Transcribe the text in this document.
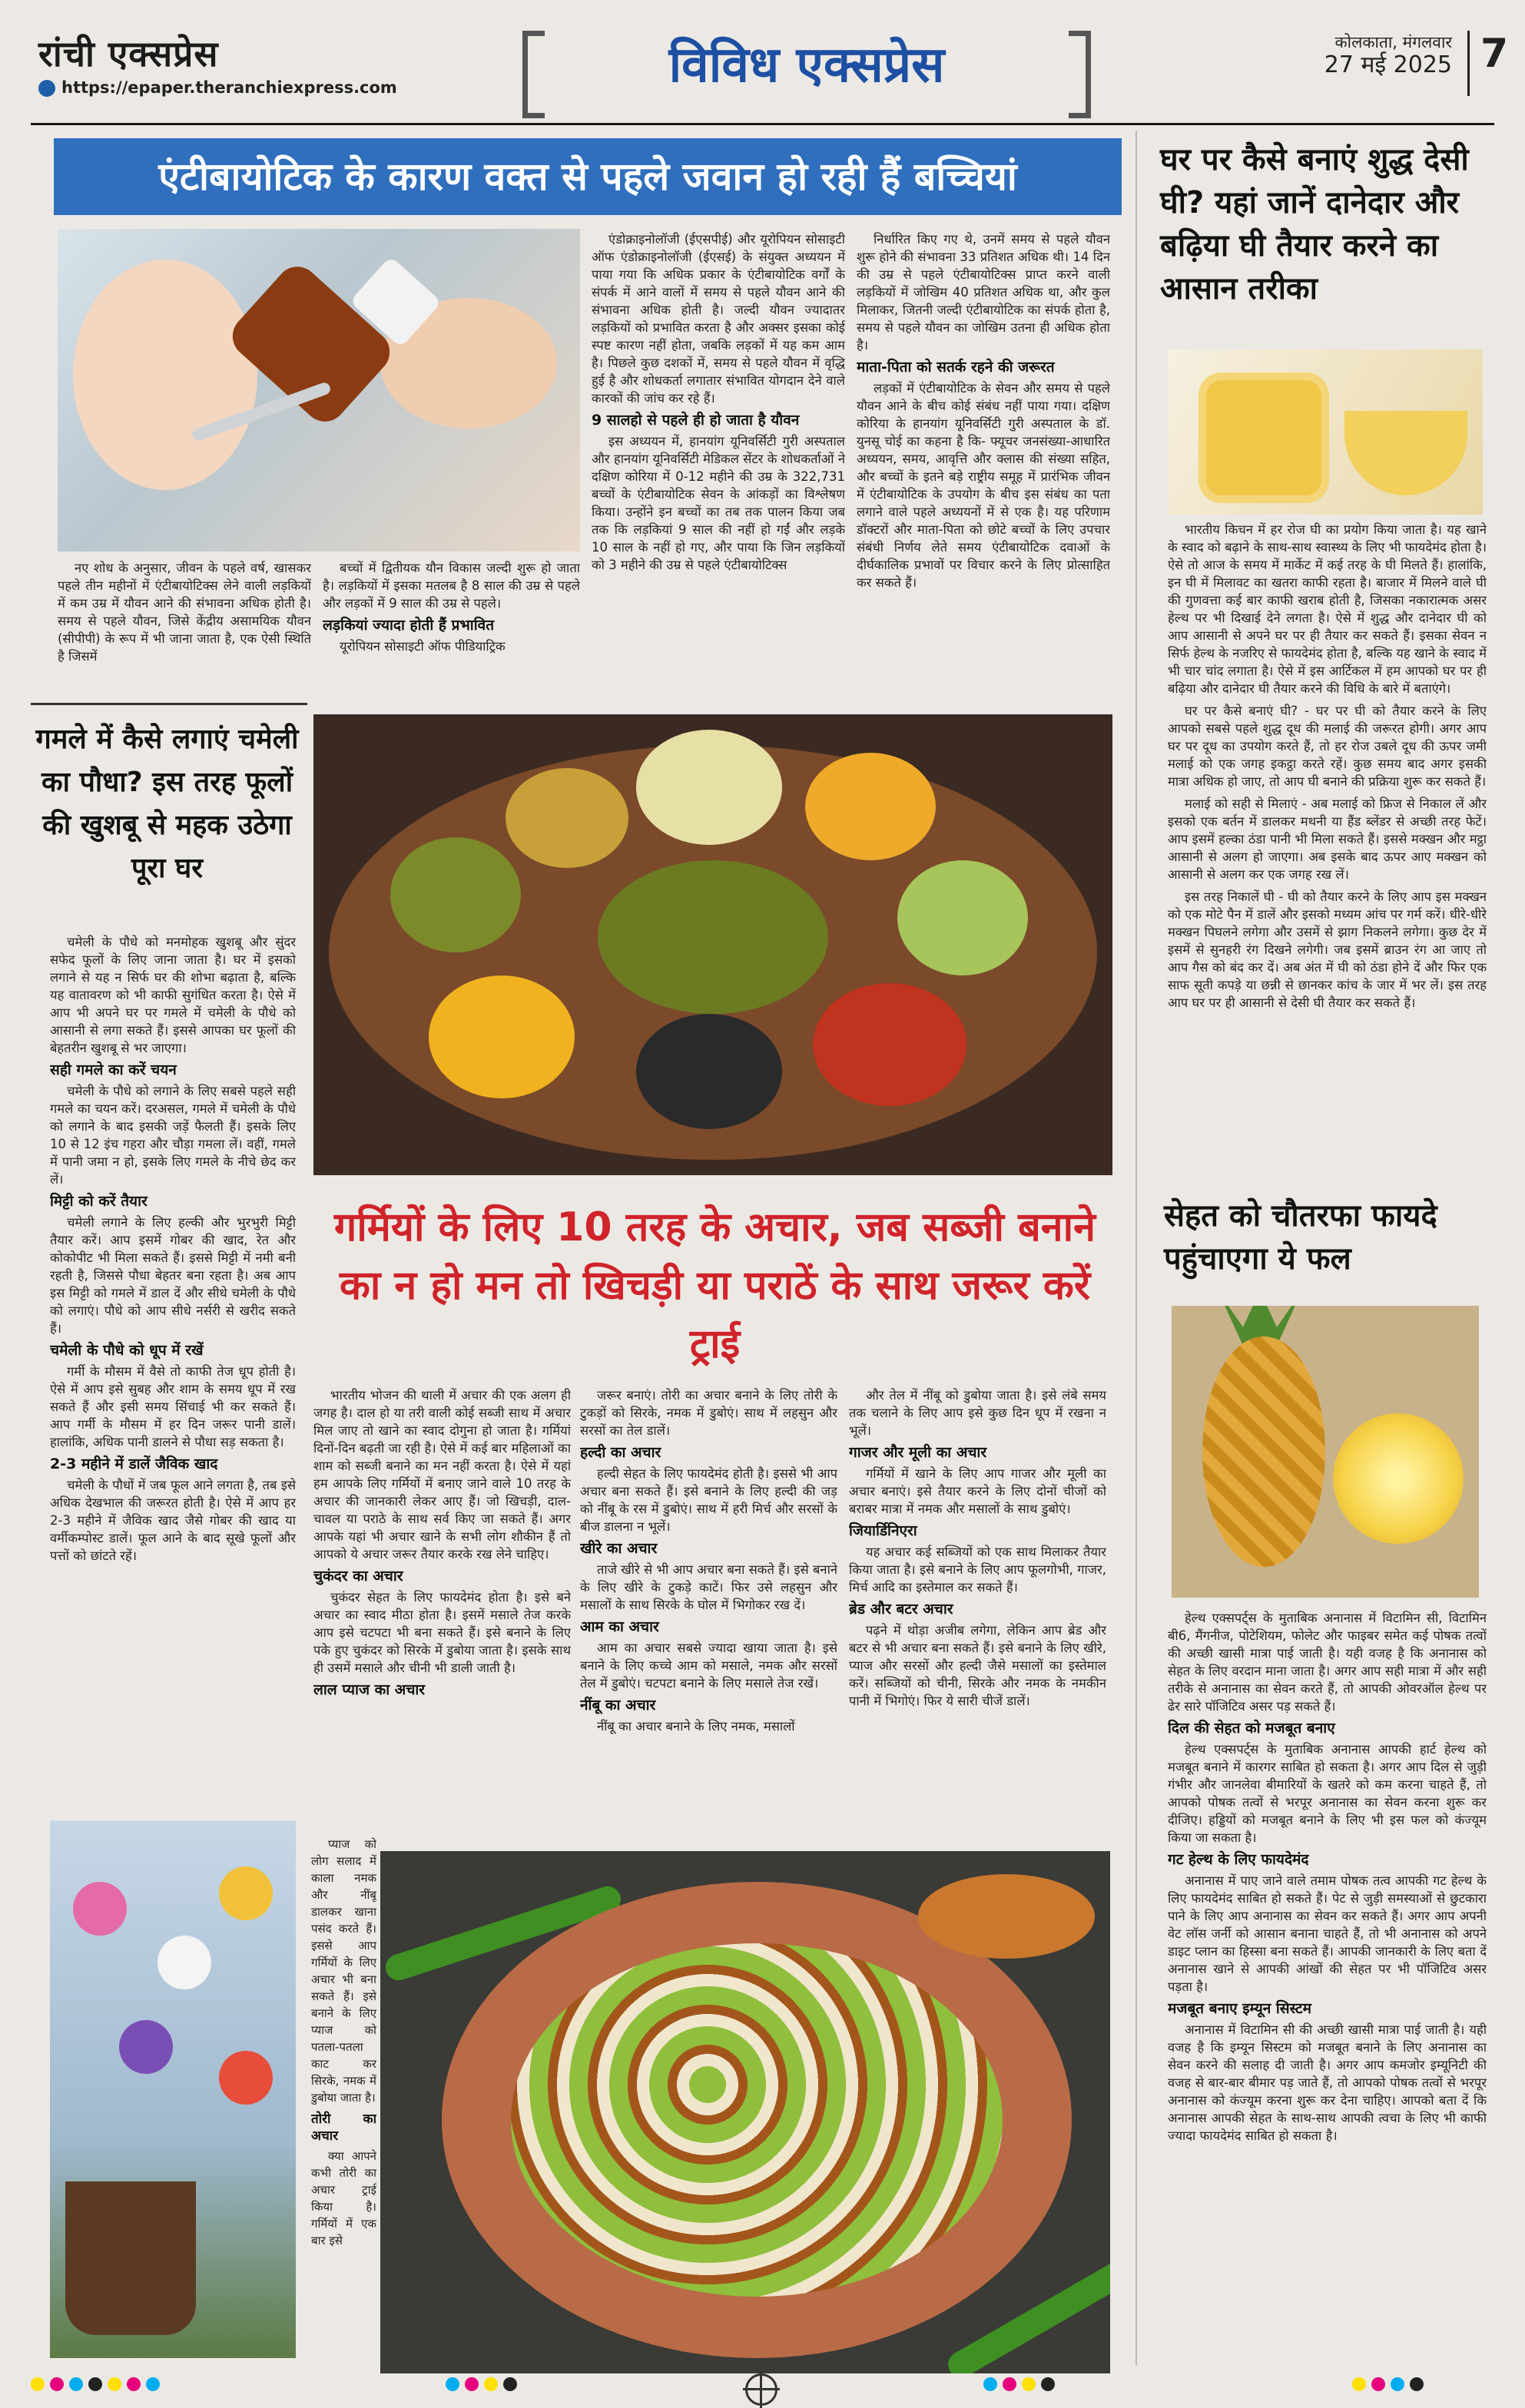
रांची एक्सप्रेस
https://epaper.theranchiexpress.com	विविध एक्सप्रेस	कोलकाता, मंगलवार
27 मई 2025 7
एंटीबायोटिक के कारण वक्त से पहले जवान हो रही हैं बच्चियां

नए शोध के अनुसार, जीवन के पहले वर्ष, खासकर पहले तीन महीनों में एंटीबायोटिक्स लेने वाली लड़कियों में कम उम्र में यौवन आने की संभावना अधिक होती है। समय से पहले यौवन, जिसे केंद्रीय असामयिक यौवन (सीपीपी) के रूप में भी जाना जाता है, एक ऐसी स्थिति है जिसमें

बच्चों में द्वितीयक यौन विकास जल्दी शुरू हो जाता है। लड़कियों में इसका मतलब है 8 साल की उम्र से पहले और लड़कों में 9 साल की उम्र से पहले।

लड़कियां ज्यादा होती हैं प्रभावित

यूरोपियन सोसाइटी ऑफ पीडियाट्रिक

एंडोक्राइनोलॉजी (ईएसपीई) और यूरोपियन सोसाइटी ऑफ एंडोक्राइनोलॉजी (ईएसई) के संयुक्त अध्ययन में पाया गया कि अधिक प्रकार के एंटीबायोटिक वर्गों के संपर्क में आने वालों में समय से पहले यौवन आने की संभावना अधिक होती है। जल्दी यौवन ज्यादातर लड़कियों को प्रभावित करता है और अक्सर इसका कोई स्पष्ट कारण नहीं होता, जबकि लड़कों में यह कम आम है। पिछले कुछ दशकों में, समय से पहले यौवन में वृद्धि हुई है और शोधकर्ता लगातार संभावित योगदान देने वाले कारकों की जांच कर रहे हैं।

9 सालहो से पहले ही हो जाता है यौवन

इस अध्ययन में, हानयांग यूनिवर्सिटी गुरी अस्पताल और हानयांग यूनिवर्सिटी मेडिकल सेंटर के शोधकर्ताओं ने दक्षिण कोरिया में 0-12 महीने की उम्र के 322,731 बच्चों के एंटीबायोटिक सेवन के आंकड़ों का विश्लेषण किया। उन्होंने इन बच्चों का तब तक पालन किया जब तक कि लड़कियां 9 साल की नहीं हो गईं और लड़के 10 साल के नहीं हो गए, और पाया कि जिन लड़कियों को 3 महीने की उम्र से पहले एंटीबायोटिक्स

निर्धारित किए गए थे, उनमें समय से पहले यौवन शुरू होने की संभावना 33 प्रतिशत अधिक थी। 14 दिन की उम्र से पहले एंटीबायोटिक्स प्राप्त करने वाली लड़कियों में जोखिम 40 प्रतिशत अधिक था, और कुल मिलाकर, जितनी जल्दी एंटीबायोटिक का संपर्क होता है, समय से पहले यौवन का जोखिम उतना ही अधिक होता है।

माता-पिता को सतर्क रहने की जरूरत

लड़कों में एंटीबायोटिक के सेवन और समय से पहले यौवन आने के बीच कोई संबंध नहीं पाया गया। दक्षिण कोरिया के हानयांग यूनिवर्सिटी गुरी अस्पताल के डॉ. युनसू चोई का कहना है कि- फ्यूचर जनसंख्या-आधारित अध्ययन, समय, आवृत्ति और क्लास की संख्या सहित, और बच्चों के इतने बड़े राष्ट्रीय समूह में प्रारंभिक जीवन में एंटीबायोटिक के उपयोग के बीच इस संबंध का पता लगाने वाले पहले अध्ययनों में से एक है। यह परिणाम डॉक्टरों और माता-पिता को छोटे बच्चों के लिए उपचार संबंधी निर्णय लेते समय एंटीबायोटिक दवाओं के दीर्घकालिक प्रभावों पर विचार करने के लिए प्रोत्साहित कर सकते हैं।

घर पर कैसे बनाएं शुद्ध देसी घी? यहां जानें दानेदार और बढ़िया घी तैयार करने का आसान तरीका

भारतीय किचन में हर रोज घी का प्रयोग किया जाता है। यह खाने के स्वाद को बढ़ाने के साथ-साथ स्वास्थ्य के लिए भी फायदेमंद होता है। ऐसे तो आज के समय में मार्केट में कई तरह के घी मिलते हैं। हालांकि, इन घी में मिलावट का खतरा काफी रहता है। बाजार में मिलने वाले घी की गुणवत्ता कई बार काफी खराब होती है, जिसका नकारात्मक असर हेल्थ पर भी दिखाई देने लगता है। ऐसे में शुद्ध और दानेदार घी को आप आसानी से अपने घर पर ही तैयार कर सकते हैं। इसका सेवन न सिर्फ हेल्थ के नजरिए से फायदेमंद होता है, बल्कि यह खाने के स्वाद में भी चार चांद लगाता है। ऐसे में इस आर्टिकल में हम आपको घर पर ही बढ़िया और दानेदार घी तैयार करने की विधि के बारे में बताएंगे।

घर पर कैसे बनाएं घी? - घर पर घी को तैयार करने के लिए आपको सबसे पहले शुद्ध दूध की मलाई की जरूरत होगी। अगर आप घर पर दूध का उपयोग करते हैं, तो हर रोज उबले दूध की ऊपर जमी मलाई को एक जगह इकट्ठा करते रहें। कुछ समय बाद अगर इसकी मात्रा अधिक हो जाए, तो आप घी बनाने की प्रक्रिया शुरू कर सकते हैं।

मलाई को सही से मिलाएं - अब मलाई को फ्रिज से निकाल लें और इसको एक बर्तन में डालकर मथनी या हैंड ब्लेंडर से अच्छी तरह फेटें। आप इसमें हल्का ठंडा पानी भी मिला सकते हैं। इससे मक्खन और मट्ठा आसानी से अलग हो जाएगा। अब इसके बाद ऊपर आए मक्खन को आसानी से अलग कर एक जगह रख लें।

इस तरह निकालें घी - घी को तैयार करने के लिए आप इस मक्खन को एक मोटे पैन में डालें और इसको मध्यम आंच पर गर्म करें। धीरे-धीरे मक्खन पिघलने लगेगा और उसमें से झाग निकलने लगेगा। कुछ देर में इसमें से सुनहरी रंग दिखने लगेगी। जब इसमें ब्राउन रंग आ जाए तो आप गैस को बंद कर दें। अब अंत में घी को ठंडा होने दें और फिर एक साफ सूती कपड़े या छन्नी से छानकर कांच के जार में भर लें। इस तरह आप घर पर ही आसानी से देसी घी तैयार कर सकते हैं।

सेहत को चौतरफा फायदे पहुंचाएगा ये फल

हेल्थ एक्सपर्ट्स के मुताबिक अनानास में विटामिन सी, विटामिन बी6, मैंगनीज, पोटेशियम, फोलेट और फाइबर समेत कई पोषक तत्वों की अच्छी खासी मात्रा पाई जाती है। यही वजह है कि अनानास को सेहत के लिए वरदान माना जाता है। अगर आप सही मात्रा में और सही तरीके से अनानास का सेवन करते हैं, तो आपकी ओवरऑल हेल्थ पर ढेर सारे पॉजिटिव असर पड़ सकते हैं।

दिल की सेहत को मजबूत बनाए

हेल्थ एक्सपर्ट्स के मुताबिक अनानास आपकी हार्ट हेल्थ को मजबूत बनाने में कारगर साबित हो सकता है। अगर आप दिल से जुड़ी गंभीर और जानलेवा बीमारियों के खतरे को कम करना चाहते हैं, तो आपको पोषक तत्वों से भरपूर अनानास का सेवन करना शुरू कर दीजिए। हड्डियों को मजबूत बनाने के लिए भी इस फल को कंज्यूम किया जा सकता है।

गट हेल्थ के लिए फायदेमंद

अनानास में पाए जाने वाले तमाम पोषक तत्व आपकी गट हेल्थ के लिए फायदेमंद साबित हो सकते हैं। पेट से जुड़ी समस्याओं से छुटकारा पाने के लिए आप अनानास का सेवन कर सकते हैं। अगर आप अपनी वेट लॉस जर्नी को आसान बनाना चाहते हैं, तो भी अनानास को अपने डाइट प्लान का हिस्सा बना सकते हैं। आपकी जानकारी के लिए बता दें अनानास खाने से आपकी आंखों की सेहत पर भी पॉजिटिव असर पड़ता है।

मजबूत बनाए इम्यून सिस्टम

अनानास में विटामिन सी की अच्छी खासी मात्रा पाई जाती है। यही वजह है कि इम्यून सिस्टम को मजबूत बनाने के लिए अनानास का सेवन करने की सलाह दी जाती है। अगर आप कमजोर इम्यूनिटी की वजह से बार-बार बीमार पड़ जाते हैं, तो आपको पोषक तत्वों से भरपूर अनानास को कंज्यूम करना शुरू कर देना चाहिए। आपको बता दें कि अनानास आपकी सेहत के साथ-साथ आपकी त्वचा के लिए भी काफी ज्यादा फायदेमंद साबित हो सकता है।

गमले में कैसे लगाएं चमेली का पौधा? इस तरह फूलों की खुशबू से महक उठेगा पूरा घर

चमेली के पौधे को मनमोहक खुशबू और सुंदर सफेद फूलों के लिए जाना जाता है। घर में इसको लगाने से यह न सिर्फ घर की शोभा बढ़ाता है, बल्कि यह वातावरण को भी काफी सुगंधित करता है। ऐसे में आप भी अपने घर पर गमले में चमेली के पौधे को आसानी से लगा सकते हैं। इससे आपका घर फूलों की बेहतरीन खुशबू से भर जाएगा।

सही गमले का करें चयन

चमेली के पौधे को लगाने के लिए सबसे पहले सही गमले का चयन करें। दरअसल, गमले में चमेली के पौधे को लगाने के बाद इसकी जड़ें फैलती हैं। इसके लिए 10 से 12 इंच गहरा और चौड़ा गमला लें। वहीं, गमले में पानी जमा न हो, इसके लिए गमले के नीचे छेद कर लें।

मिट्टी को करें तैयार

चमेली लगाने के लिए हल्की और भुरभुरी मिट्टी तैयार करें। आप इसमें गोबर की खाद, रेत और कोकोपीट भी मिला सकते हैं। इससे मिट्टी में नमी बनी रहती है, जिससे पौधा बेहतर बना रहता है। अब आप इस मिट्टी को गमले में डाल दें और सीधे चमेली के पौधे को लगाएं। पौधे को आप सीधे नर्सरी से खरीद सकते हैं।

चमेली के पौधे को धूप में रखें

गर्मी के मौसम में वैसे तो काफी तेज धूप होती है। ऐसे में आप इसे सुबह और शाम के समय धूप में रख सकते हैं और इसी समय सिंचाई भी कर सकते हैं। आप गर्मी के मौसम में हर दिन जरूर पानी डालें। हालांकि, अधिक पानी डालने से पौधा सड़ सकता है।

2-3 महीने में डालें जैविक खाद

चमेली के पौधों में जब फूल आने लगता है, तब इसे अधिक देखभाल की जरूरत होती है। ऐसे में आप हर 2-3 महीने में जैविक खाद जैसे गोबर की खाद या वर्मीकम्पोस्ट डालें। फूल आने के बाद सूखे फूलों और पत्तों को छांटते रहें।

गर्मियों के लिए 10 तरह के अचार, जब सब्जी बनाने का न हो मन तो खिचड़ी या पराठें के साथ जरूर करें ट्राई

भारतीय भोजन की थाली में अचार की एक अलग ही जगह है। दाल हो या तरी वाली कोई सब्जी साथ में अचार मिल जाए तो खाने का स्वाद दोगुना हो जाता है। गर्मियां दिनों-दिन बढ़ती जा रही है। ऐसे में कई बार महिलाओं का शाम को सब्जी बनाने का मन नहीं करता है। ऐसे में यहां हम आपके लिए गर्मियों में बनाए जाने वाले 10 तरह के अचार की जानकारी लेकर आए हैं। जो खिचड़ी, दाल-चावल या पराठे के साथ सर्व किए जा सकते हैं। अगर आपके यहां भी अचार खाने के सभी लोग शौकीन हैं तो आपको ये अचार जरूर तैयार करके रख लेने चाहिए।

चुकंदर का अचार

चुकंदर सेहत के लिए फायदेमंद होता है। इसे बने अचार का स्वाद मीठा होता है। इसमें मसाले तेज करके आप इसे चटपटा भी बना सकते हैं। इसे बनाने के लिए पके हुए चुकंदर को सिरके में डुबोया जाता है। इसके साथ ही उसमें मसाले और चीनी भी डाली जाती है।

लाल प्याज का अचार

प्याज को लोग सलाद में काला नमक और नींबू डालकर खाना पसंद करते हैं। इससे आप गर्मियों के लिए अचार भी बना सकते हैं। इसे बनाने के लिए प्याज को पतला-पतला काट कर सिरके, नमक में डुबोया जाता है।

तोरी का अचार

क्या आपने कभी तोरी का अचार ट्राई किया है। गर्मियों में एक बार इसे

जरूर बनाएं। तोरी का अचार बनाने के लिए तोरी के टुकड़ों को सिरके, नमक में डुबोएं। साथ में लहसुन और सरसों का तेल डालें।

हल्दी का अचार

हल्दी सेहत के लिए फायदेमंद होती है। इससे भी आप अचार बना सकते हैं। इसे बनाने के लिए हल्दी की जड़ को नींबू के रस में डुबोएं। साथ में हरी मिर्च और सरसों के बीज डालना न भूलें।

खीरे का अचार

ताजे खीरे से भी आप अचार बना सकते हैं। इसे बनाने के लिए खीरे के टुकड़े काटें। फिर उसे लहसुन और मसालों के साथ सिरके के घोल में भिगोकर रख दें।

आम का अचार

आम का अचार सबसे ज्यादा खाया जाता है। इसे बनाने के लिए कच्चे आम को मसाले, नमक और सरसों तेल में डुबोएं। चटपटा बनाने के लिए मसाले तेज रखें।

नींबू का अचार

नींबू का अचार बनाने के लिए नमक, मसालों

और तेल में नींबू को डुबोया जाता है। इसे लंबे समय तक चलाने के लिए आप इसे कुछ दिन धूप में रखना न भूलें।

गाजर और मूली का अचार

गर्मियों में खाने के लिए आप गाजर और मूली का अचार बनाएं। इसे तैयार करने के लिए दोनों चीजों को बराबर मात्रा में नमक और मसालों के साथ डुबोएं।

जियार्डिनिएरा

यह अचार कई सब्जियों को एक साथ मिलाकर तैयार किया जाता है। इसे बनाने के लिए आप फूलगोभी, गाजर, मिर्च आदि का इस्तेमाल कर सकते हैं।

ब्रेड और बटर अचार

पढ़ने में थोड़ा अजीब लगेगा, लेकिन आप ब्रेड और बटर से भी अचार बना सकते हैं। इसे बनाने के लिए खीरे, प्याज और सरसों और हल्दी जैसे मसालों का इस्तेमाल करें। सब्जियों को चीनी, सिरके और नमक के नमकीन पानी में भिगोएं। फिर ये सारी चीजें डालें।
